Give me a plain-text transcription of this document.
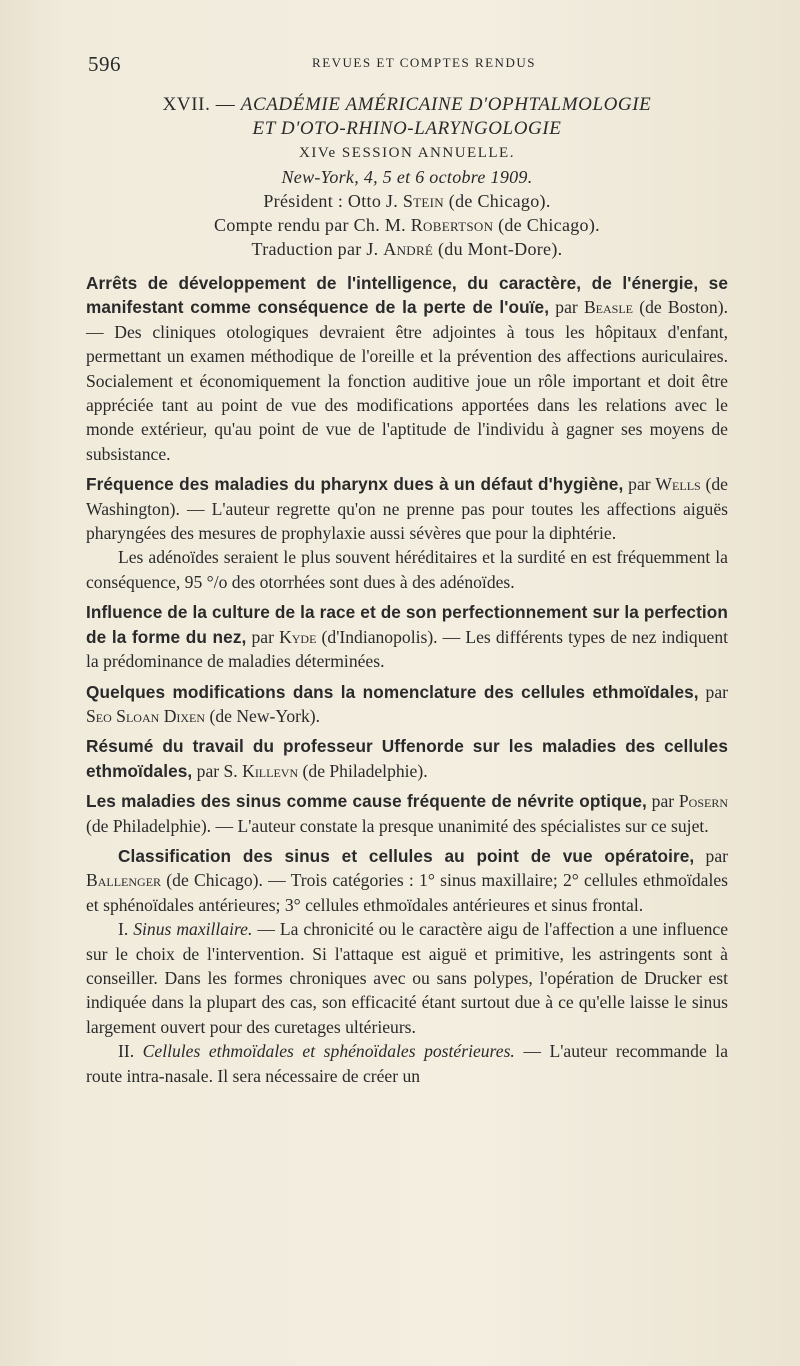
596	REVUES ET COMPTES RENDUS
XVII. — ACADÉMIE AMÉRICAINE D'OPHTALMOLOGIE
ET D'OTO-RHINO-LARYNGOLOGIE
XIVe SESSION ANNUELLE.
New-York, 4, 5 et 6 octobre 1909.
Président : Otto J. Stein (de Chicago).
Compte rendu par Ch. M. Robertson (de Chicago).
Traduction par J. André (du Mont-Dore).

Arrêts de développement de l'intelligence, du caractère, de l'énergie, se manifestant comme conséquence de la perte de l'ouïe, par Beasle (de Boston). — Des cliniques otologiques devraient être adjointes à tous les hôpitaux d'enfant, permettant un examen méthodique de l'oreille et la prévention des affections auriculaires. Socialement et économiquement la fonction auditive joue un rôle important et doit être appréciée tant au point de vue des modifications apportées dans les relations avec le monde extérieur, qu'au point de vue de l'aptitude de l'individu à gagner ses moyens de subsistance.

Fréquence des maladies du pharynx dues à un défaut d'hygiène, par Wells (de Washington). — L'auteur regrette qu'on ne prenne pas pour toutes les affections aiguës pharyngées des mesures de prophylaxie aussi sévères que pour la diphtérie.

Les adénoïdes seraient le plus souvent héréditaires et la surdité en est fréquemment la conséquence, 95 °/o des otorrhées sont dues à des adénoïdes.

Influence de la culture de la race et de son perfectionnement sur la perfection de la forme du nez, par Kyde (d'Indianopolis). — Les différents types de nez indiquent la prédominance de maladies déterminées.

Quelques modifications dans la nomenclature des cellules ethmoïdales, par Seo Sloan Dixen (de New-York).

Résumé du travail du professeur Uffenorde sur les maladies des cellules ethmoïdales, par S. Killevn (de Philadelphie).

Les maladies des sinus comme cause fréquente de névrite optique, par Posern (de Philadelphie). — L'auteur constate la presque unanimité des spécialistes sur ce sujet.

Classification des sinus et cellules au point de vue opératoire, par Ballenger (de Chicago). — Trois catégories : 1° sinus maxillaire; 2° cellules ethmoïdales et sphénoïdales antérieures; 3° cellules ethmoïdales antérieures et sinus frontal.

I. Sinus maxillaire. — La chronicité ou le caractère aigu de l'affection a une influence sur le choix de l'intervention. Si l'attaque est aiguë et primitive, les astringents sont à conseiller. Dans les formes chroniques avec ou sans polypes, l'opération de Drucker est indiquée dans la plupart des cas, son efficacité étant surtout due à ce qu'elle laisse le sinus largement ouvert pour des curetages ultérieurs.

II. Cellules ethmoïdales et sphénoïdales postérieures. — L'auteur recommande la route intra-nasale. Il sera nécessaire de créer un
